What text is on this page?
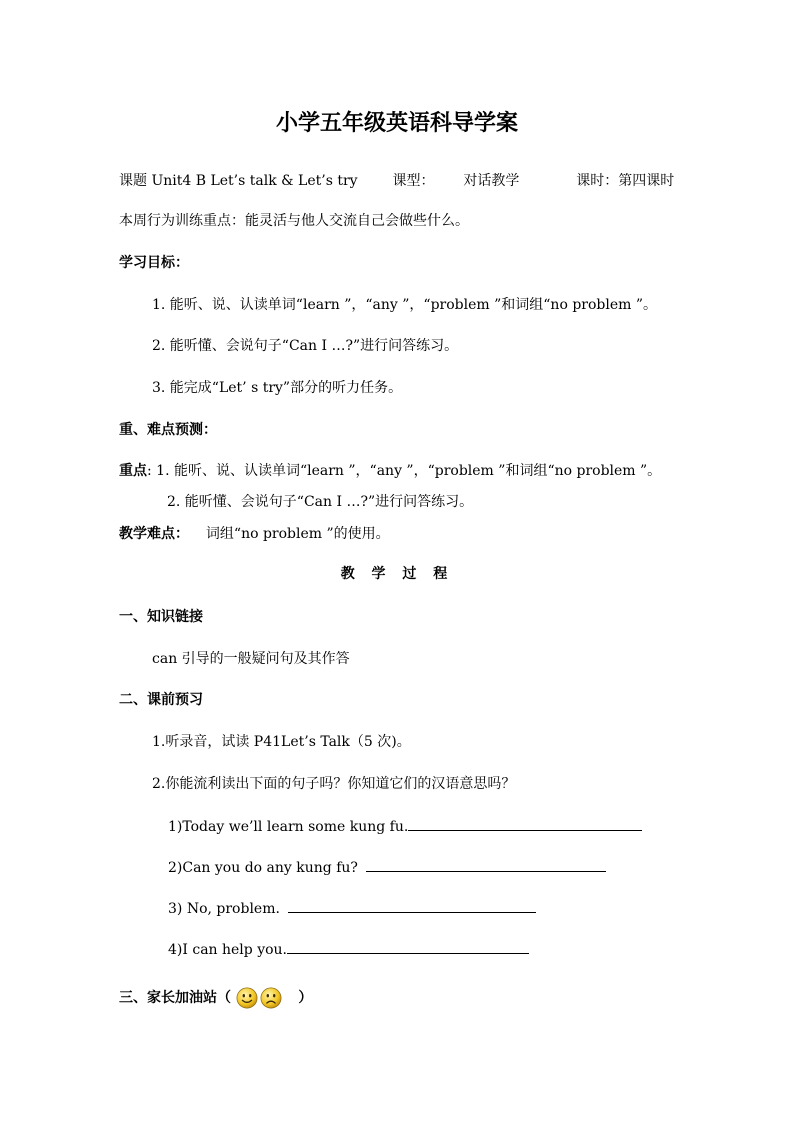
小学五年级英语科导学案
课题 Unit4 B Let’s talk & Let’s try 课型： 对话教学	课时：第四课时
本周行为训练重点：能灵活与他人交流自己会做些什么。
学习目标：
1. 能听、说、认读单词“learn ”，“any ”，“problem ”和词组“no problem ”。
2. 能听懂、会说句子“Can I …?”进行问答练习。
3. 能完成“Let’ s try”部分的听力任务。
重、难点预测：
重点: 1. 能听、说、认读单词“learn ”，“any ”，“problem ”和词组“no problem ”。
2. 能听懂、会说句子“Can I …?”进行问答练习。
教学难点： 词组“no problem ”的使用。
教 学 过 程
一、知识链接
can 引导的一般疑问句及其作答
二、课前预习
1.听录音，试读 P41Let’s Talk（5 次)。
2.你能流利读出下面的句子吗？你知道它们的汉语意思吗？
1)Today we’ll learn some kung fu.
2)Can you do any kung fu?
3) No, problem.
4)I can help you.
三、家长加油站（	）
